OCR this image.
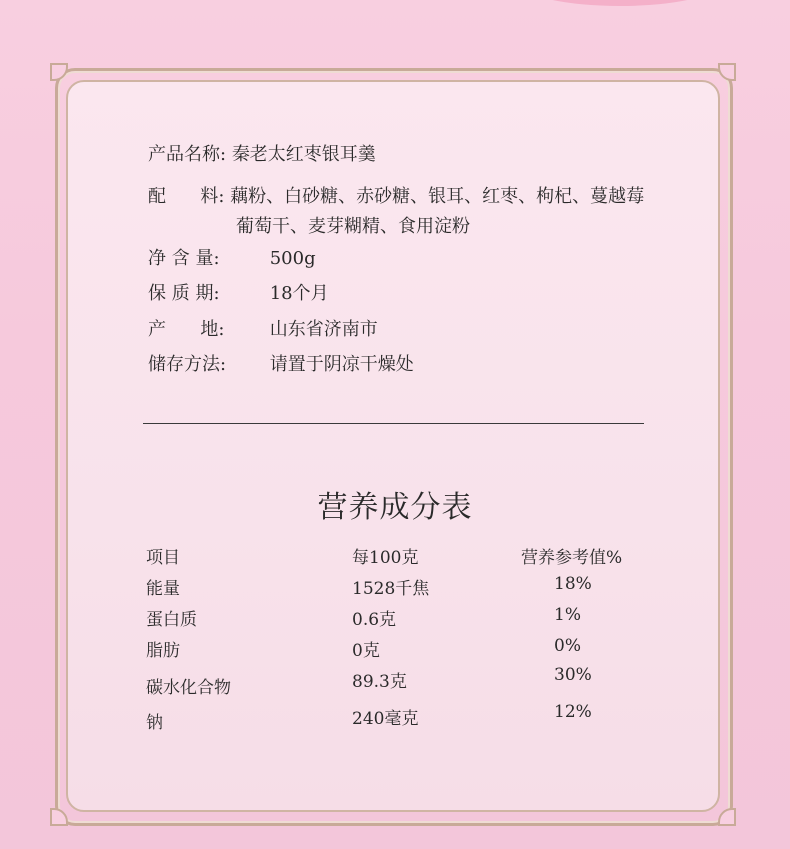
产品名称: 秦老太红枣银耳羹
配      料: 藕粉、白砂糖、赤砂糖、银耳、红枣、枸杞、蔓越莓
葡萄干、麦芽糊精、食用淀粉
净 含 量:	500g
保 质 期:	18个月
产      地:	山东省济南市
储存方法: 请置于阴凉干燥处
营养成分表
项目	每100克	营养参考值%
能量	1528千焦	18%
蛋白质	0.6克	1%
脂肪	0克	0%
碳水化合物	89.3克	30%
钠	240毫克	12%
